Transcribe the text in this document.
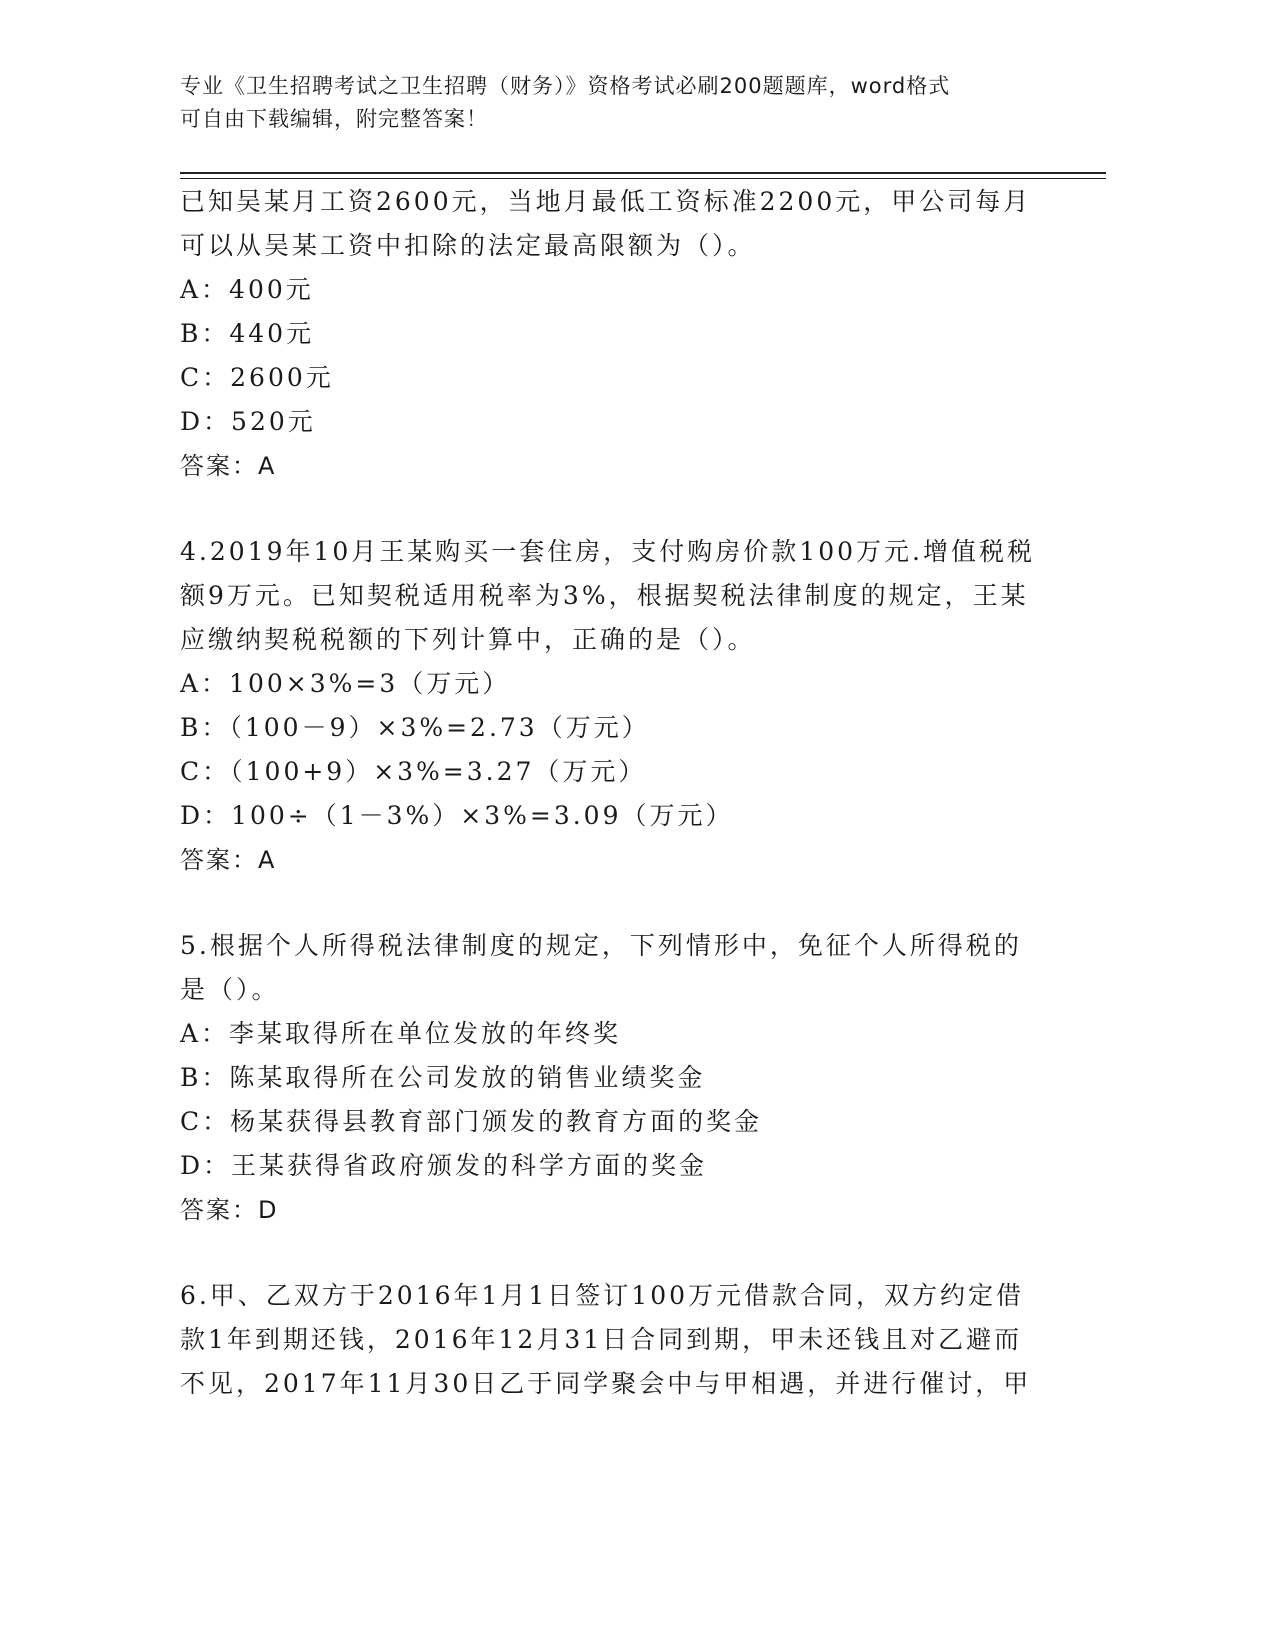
专业《卫生招聘考试之卫生招聘（财务）》资格考试必刷200题题库，word格式
可自由下载编辑，附完整答案！
已知吴某月工资2600元，当地月最低工资标准2200元，甲公司每月
可以从吴某工资中扣除的法定最高限额为（）。
A：400元
B：440元
C：2600元
D：520元
答案：A
4.2019年10月王某购买一套住房，支付购房价款100万元.增值税税
额9万元。已知契税适用税率为3%，根据契税法律制度的规定，王某
应缴纳契税税额的下列计算中，正确的是（）。
A：100×3%=3（万元）
B：（100－9）×3%=2.73（万元）
C：（100+9）×3%=3.27（万元）
D：100÷（1－3%）×3%=3.09（万元）
答案：A
5.根据个人所得税法律制度的规定，下列情形中，免征个人所得税的
是（）。
A：李某取得所在单位发放的年终奖
B：陈某取得所在公司发放的销售业绩奖金
C：杨某获得县教育部门颁发的教育方面的奖金
D：王某获得省政府颁发的科学方面的奖金
答案：D
6.甲、乙双方于2016年1月1日签订100万元借款合同，双方约定借
款1年到期还钱，2016年12月31日合同到期，甲未还钱且对乙避而
不见，2017年11月30日乙于同学聚会中与甲相遇，并进行催讨，甲
